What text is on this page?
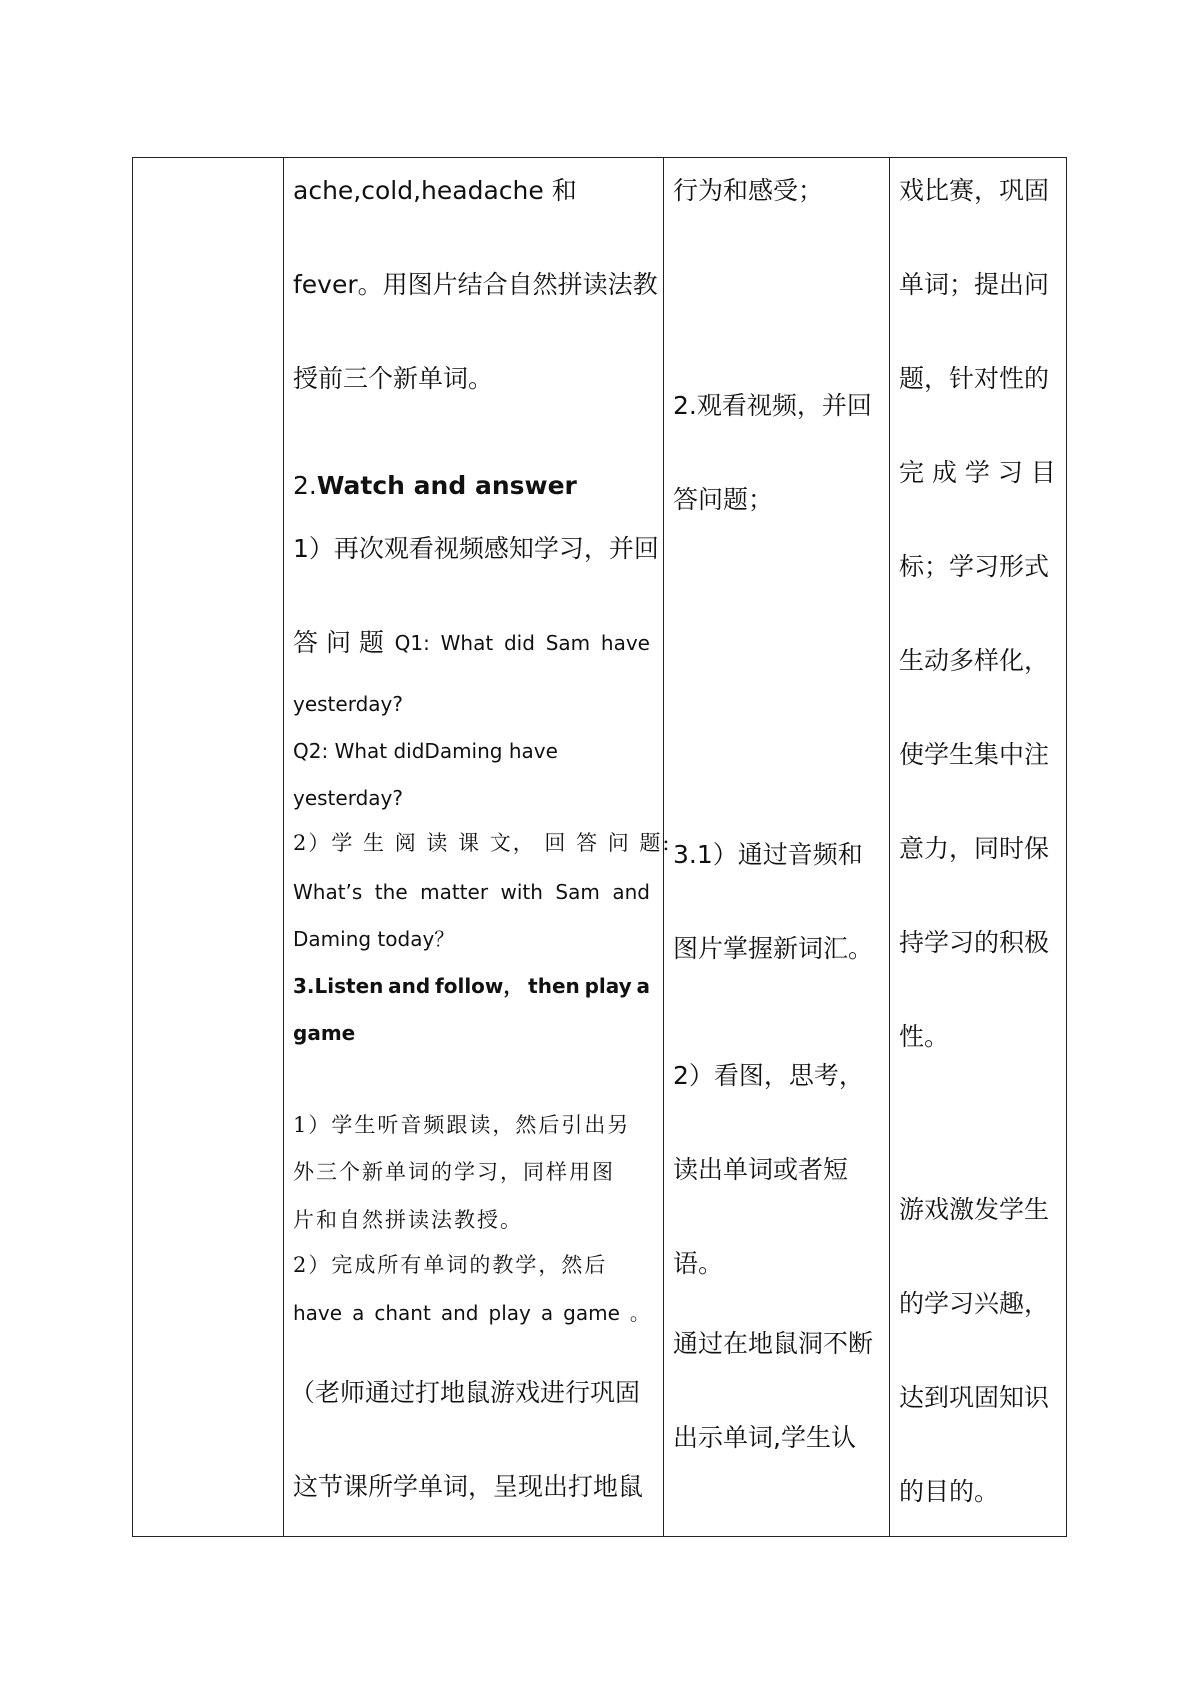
ache,cold,headache 和
fever。用图片结合自然拼读法教
授前三个新单词。
2.Watch and answer
1）再次观看视频感知学习，并回
答 问 题 Q1: What did Sam have
yesterday?
Q2: What didDaming have
yesterday?
2）学 生 阅 读 课 文， 回 答 问 题:
What’s the matter with Sam and
Daming today？
3.Listen and follow， then play a
game
1）学生听音频跟读，然后引出另
外三个新单词的学习，同样用图
片和自然拼读法教授。
2）完成所有单词的教学，然后
have a chant and play a game 。
（老师通过打地鼠游戏进行巩固
这节课所学单词，呈现出打地鼠
行为和感受；
2.观看视频，并回
答问题；
3.1）通过音频和
图片掌握新词汇。
2）看图，思考，
读出单词或者短
语。
通过在地鼠洞不断
出示单词,学生认
戏比赛，巩固
单词；提出问
题，针对性的
完 成 学 习 目
标；学习形式
生动多样化，
使学生集中注
意力，同时保
持学习的积极
性。
游戏激发学生
的学习兴趣，
达到巩固知识
的目的。
